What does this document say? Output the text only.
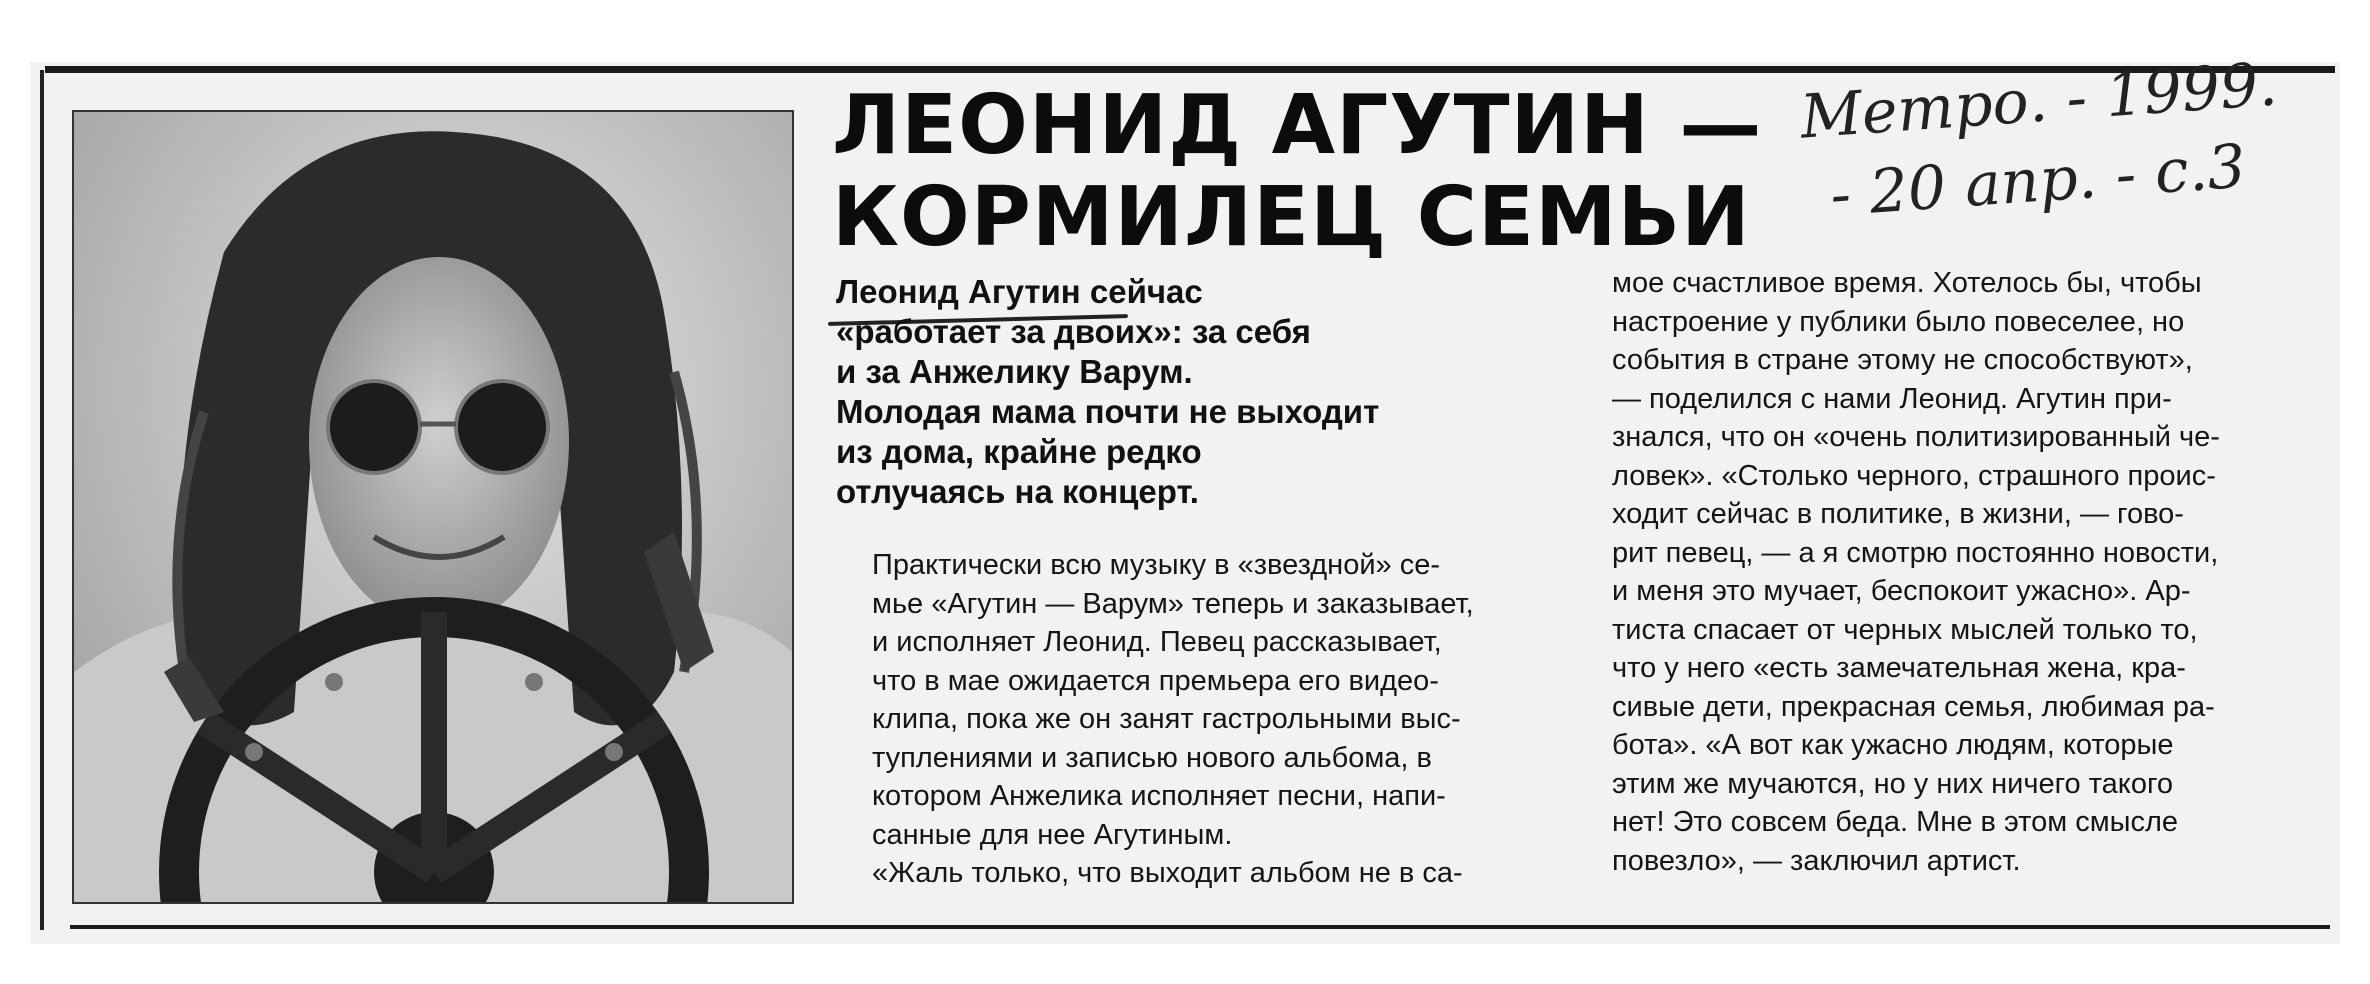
ЛЕОНИД АГУТИН —
КОРМИЛЕЦ СЕМЬИ
Метро. - 1999.
- 20 апр. - с.3
Леонид Агутин сейчас
«работает за двоих»: за себя
и за Анжелику Варум.
Молодая мама почти не выходит
из дома, крайне редко
отлучаясь на концерт.
Практически всю музыку в «звездной» се-
мье «Агутин — Варум» теперь и заказывает,
и исполняет Леонид. Певец рассказывает,
что в мае ожидается премьера его видео-
клипа, пока же он занят гастрольными выс-
туплениями и записью нового альбома, в
котором Анжелика исполняет песни, напи-
санные для нее Агутиным.
«Жаль только, что выходит альбом не в са-
мое счастливое время. Хотелось бы, чтобы
настроение у публики было повеселее, но
события в стране этому не способствуют»,
— поделился с нами Леонид. Агутин при-
знался, что он «очень политизированный че-
ловек». «Столько черного, страшного проис-
ходит сейчас в политике, в жизни, — гово-
рит певец, — а я смотрю постоянно новости,
и меня это мучает, беспокоит ужасно». Ар-
тиста спасает от черных мыслей только то,
что у него «есть замечательная жена, кра-
сивые дети, прекрасная семья, любимая ра-
бота». «А вот как ужасно людям, которые
этим же мучаются, но у них ничего такого
нет! Это совсем беда. Мне в этом смысле
повезло», — заключил артист.
